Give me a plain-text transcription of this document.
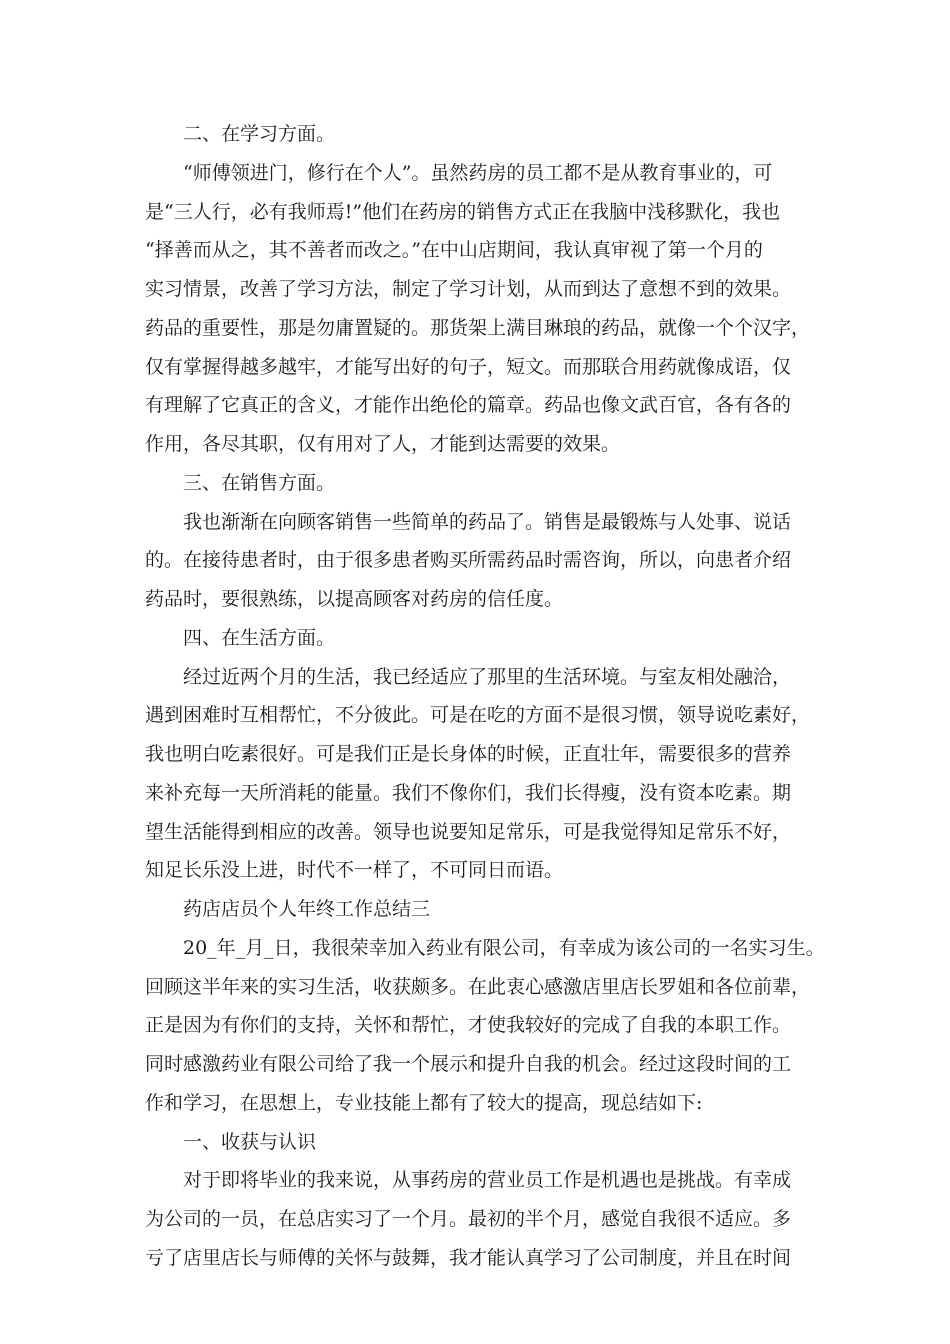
二、在学习方面。

“师傅领进门，修行在个人”。虽然药房的员工都不是从教育事业的，可

是“三人行，必有我师焉!”他们在药房的销售方式正在我脑中浅移默化，我也

“择善而从之，其不善者而改之。”在中山店期间，我认真审视了第一个月的

实习情景，改善了学习方法，制定了学习计划，从而到达了意想不到的效果。

药品的重要性，那是勿庸置疑的。那货架上满目琳琅的药品，就像一个个汉字，

仅有掌握得越多越牢，才能写出好的句子，短文。而那联合用药就像成语，仅

有理解了它真正的含义，才能作出绝伦的篇章。药品也像文武百官，各有各的

作用，各尽其职，仅有用对了人，才能到达需要的效果。

三、在销售方面。

我也渐渐在向顾客销售一些简单的药品了。销售是最锻炼与人处事、说话

的。在接待患者时，由于很多患者购买所需药品时需咨询，所以，向患者介绍

药品时，要很熟练，以提高顾客对药房的信任度。

四、在生活方面。

经过近两个月的生活，我已经适应了那里的生活环境。与室友相处融洽，

遇到困难时互相帮忙，不分彼此。可是在吃的方面不是很习惯，领导说吃素好，

我也明白吃素很好。可是我们正是长身体的时候，正直壮年，需要很多的营养

来补充每一天所消耗的能量。我们不像你们，我们长得瘦，没有资本吃素。期

望生活能得到相应的改善。领导也说要知足常乐，可是我觉得知足常乐不好，

知足长乐没上进，时代不一样了，不可同日而语。

药店店员个人年终工作总结三

20_年_月_日，我很荣幸加入药业有限公司，有幸成为该公司的一名实习生。

回顾这半年来的实习生活，收获颇多。在此衷心感激店里店长罗姐和各位前辈，

正是因为有你们的支持，关怀和帮忙，才使我较好的完成了自我的本职工作。

同时感激药业有限公司给了我一个展示和提升自我的机会。经过这段时间的工

作和学习，在思想上，专业技能上都有了较大的提高，现总结如下:

一、收获与认识

对于即将毕业的我来说，从事药房的营业员工作是机遇也是挑战。有幸成

为公司的一员，在总店实习了一个月。最初的半个月，感觉自我很不适应。多

亏了店里店长与师傅的关怀与鼓舞，我才能认真学习了公司制度，并且在时间
